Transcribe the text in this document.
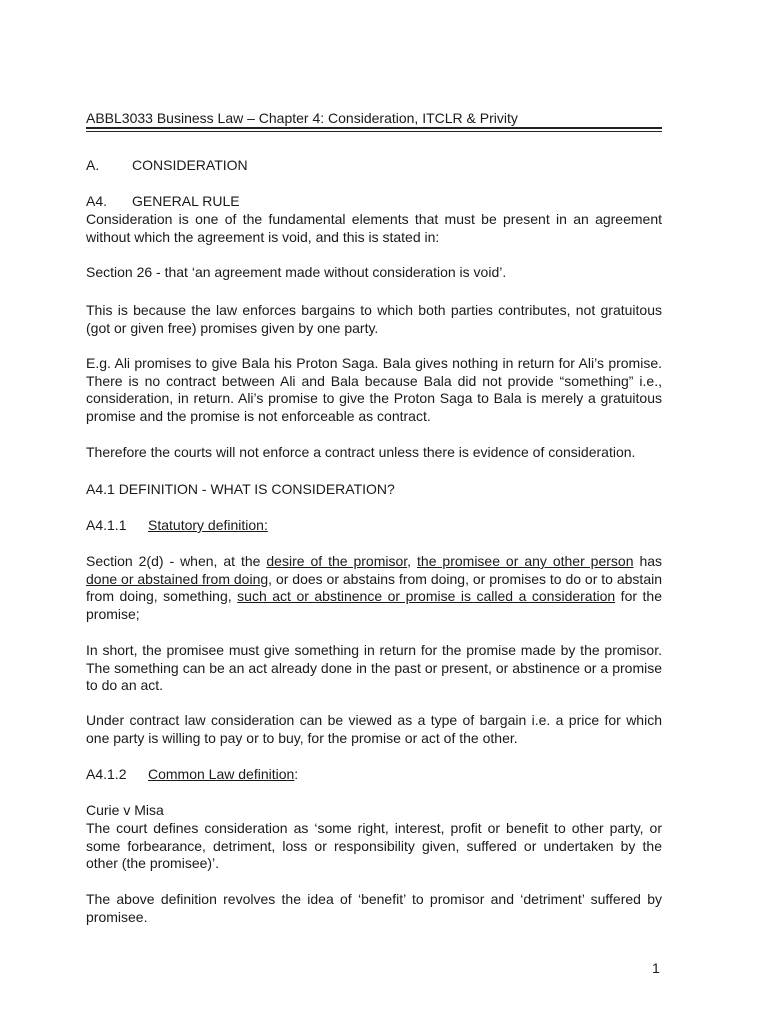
ABBL3033 Business Law – Chapter 4: Consideration, ITCLR & Privity
A. CONSIDERATION
A4. GENERAL RULE
Consideration is one of the fundamental elements that must be present in an agreement without which the agreement is void, and this is stated in:
Section 26 - that ‘an agreement made without consideration is void’.
This is because the law enforces bargains to which both parties contributes, not gratuitous (got or given free) promises given by one party.
E.g. Ali promises to give Bala his Proton Saga. Bala gives nothing in return for Ali’s promise. There is no contract between Ali and Bala because Bala did not provide “something” i.e., consideration, in return. Ali’s promise to give the Proton Saga to Bala is merely a gratuitous promise and the promise is not enforceable as contract.
Therefore the courts will not enforce a contract unless there is evidence of consideration.
A4.1 DEFINITION - WHAT IS CONSIDERATION?
A4.1.1 Statutory definition:
Section 2(d) - when, at the desire of the promisor, the promisee or any other person has done or abstained from doing, or does or abstains from doing, or promises to do or to abstain from doing, something, such act or abstinence or promise is called a consideration for the promise;
In short, the promisee must give something in return for the promise made by the promisor. The something can be an act already done in the past or present, or abstinence or a promise to do an act.
Under contract law consideration can be viewed as a type of bargain i.e. a price for which one party is willing to pay or to buy, for the promise or act of the other.
A4.1.2 Common Law definition:
Curie v Misa
The court defines consideration as ‘some right, interest, profit or benefit to other party, or some forbearance, detriment, loss or responsibility given, suffered or undertaken by the other (the promisee)’.
The above definition revolves the idea of ‘benefit’ to promisor and ‘detriment’ suffered by promisee.
1
